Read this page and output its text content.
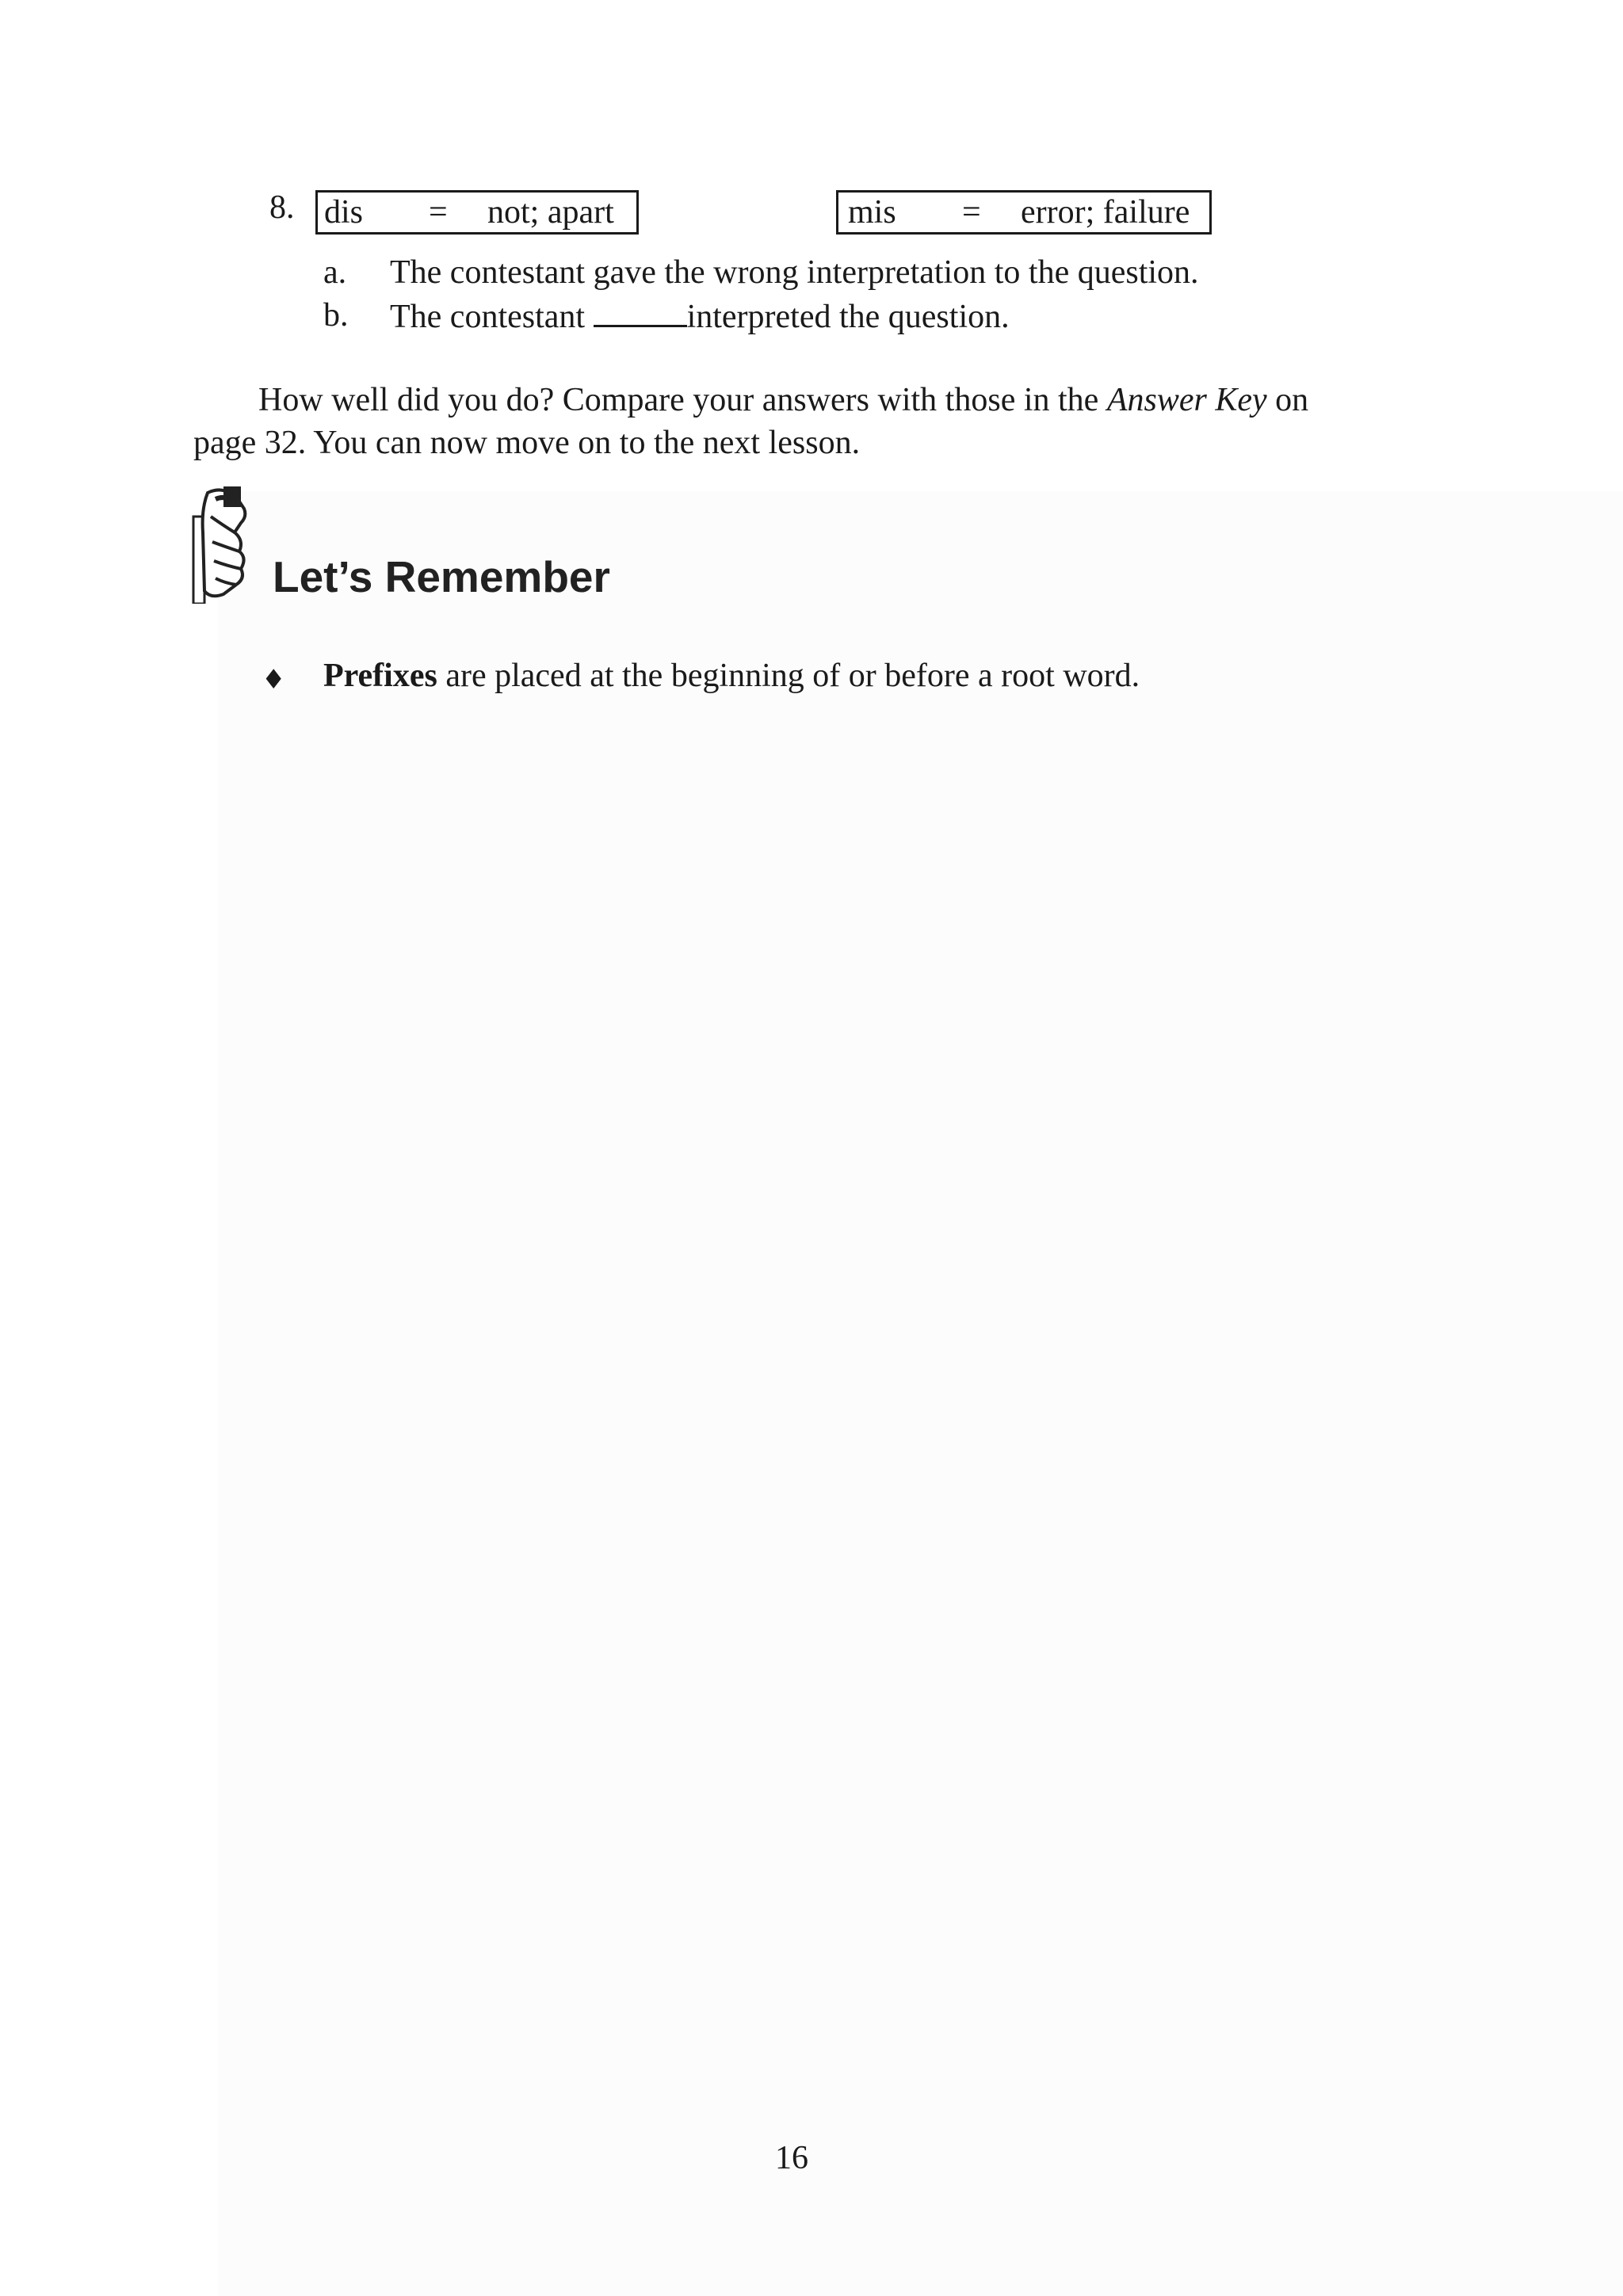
8. dis = not; apart	mis = error; failure
a. The contestant gave the wrong interpretation to the question.
b. The contestant	interpreted the question.
How well did you do? Compare your answers with those in the Answer Key on
page 32. You can now move on to the next lesson.
Let’s Remember
♦ Prefixes are placed at the beginning of or before a root word.
16
